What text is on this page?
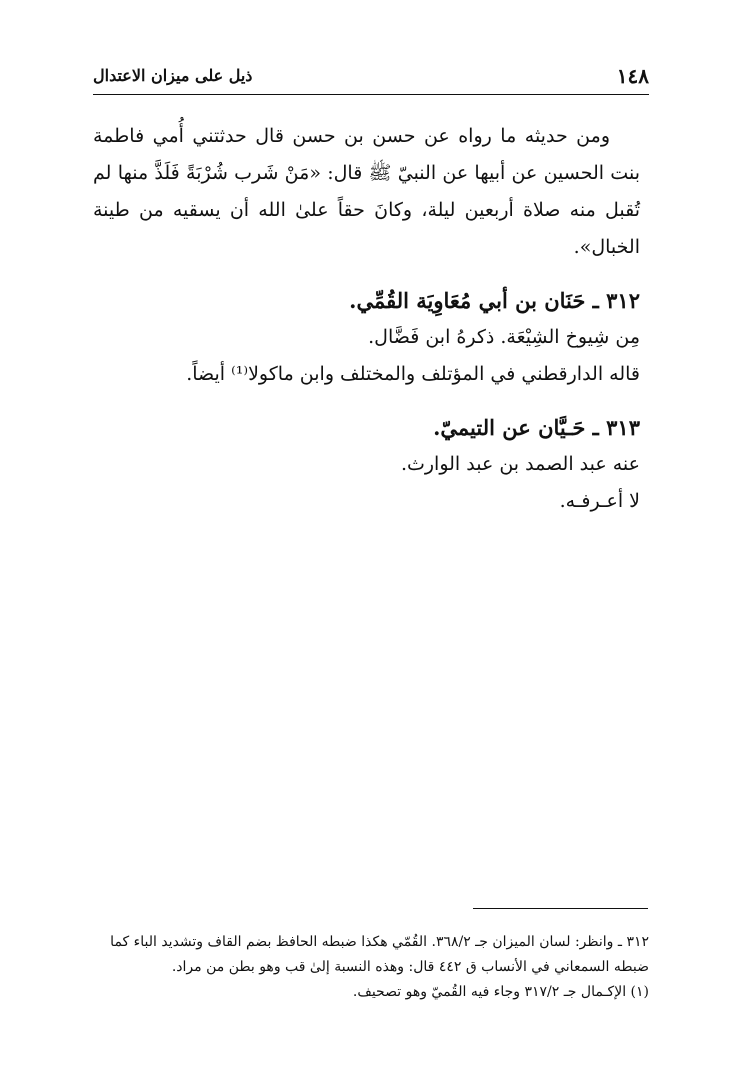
١٤٨
ذيل على ميزان الاعتدال

ومن حديثه ما رواه عن حسن بن حسن قال حدثتني أُمي فاطمة بنت الحسين عن أبيها عن النبيّ ﷺ قال: «مَنْ شَرب شُرْبَةً فَلَذَّ منها لم تُقبل منه صلاة أربعين ليلة، وكانَ حقاً علىٰ الله أن يسقيه من طينة الخبال».

٣١٢ ـ حَنَان بن أبي مُعَاوِيَة القُمِّي.

مِن شِيوخ الشِيْعَة. ذكرهُ ابن فَضَّال.

قاله الدارقطني في المؤتلف والمختلف وابن ماكولا⁽¹⁾ أيضاً.

٣١٣ ـ حَـيَّان عن التيميّ.

عنه عبد الصمد بن عبد الوارث.

لا أعـرفـه.

٣١٢ ـ وانظر: لسان الميزان جـ ٣٦٨/٢. القُمّي هكذا ضبطه الحافظ بضم القاف وتشديد الباء كما

ضبطه السمعاني في الأنساب ق ٤٤٢ قال: وهذه النسبة إلىٰ قب وهو بطن من مراد.

(١) الإكـمال جـ ٣١٧/٢ وجاء فيه القُميّ وهو تصحيف.
